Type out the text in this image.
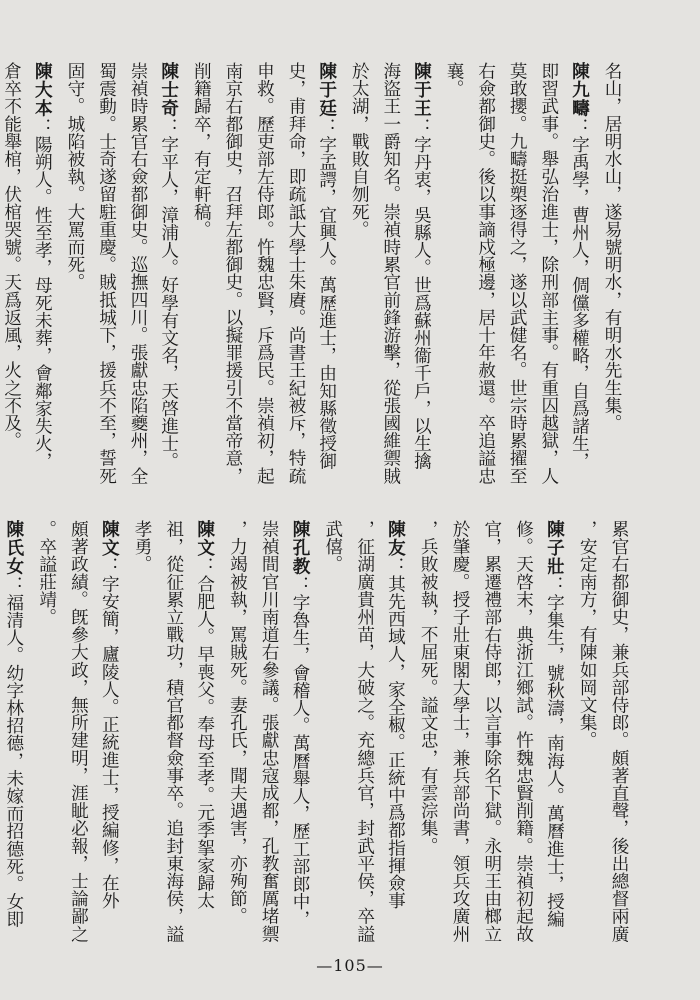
名山，居明水山，遂易號明水，有明水先生集。
陳九疇：字禹學，曹州人，倜儻多權略，自爲諸生，
即習武事。舉弘治進士，除刑部主事。有重囚越獄，人
莫敢攖。九疇挺槊逐得之，遂以武健名。世宗時累擢至
右僉都御史。後以事謫戍極邊，居十年赦還。卒追謚忠
襄。
陳于王：字丹衷，吳縣人。世爲蘇州衞千戶，以生擒
海盜王一爵知名。崇禎時累官前鋒游擊，從張國維禦賊
於太湖，戰敗自刎死。
陳于廷：字孟諤，宜興人。萬歷進士，由知縣徵授御
史，甫拜命，即疏詆大學士朱賡。尚書王紀被斥，特疏
申救。歷吏部左侍郎。忤魏忠賢，斥爲民。崇禎初，起
南京右都御史，召拜左都御史。以擬罪援引不當帝意，
削籍歸卒，有定軒稿。
陳士奇：字平人，漳浦人。好學有文名，天啓進士。
崇禎時累官右僉都御史。巡撫四川。張獻忠陷夔州，全
蜀震動。士奇遂留駐重慶。賊抵城下，援兵不至，誓死
固守。城陷被執。大罵而死。
陳大本：陽朔人。性至孝，母死未葬，會鄰家失火，
倉卒不能舉棺，伏棺哭號。天爲返風，火之不及。
累官右都御史，兼兵部侍郎。頗著直聲，後出總督兩廣
，安定南方，有陳如岡文集。
陳子壯：字集生，號秋濤，南海人。萬曆進士，授編
修。天啓末，典浙江鄉試。忤魏忠賢削籍。崇禎初起故
官，累遷禮部右侍郎，以言事除名下獄。永明王由榔立
於肇慶。授子壯東閣大學士，兼兵部尚書，領兵攻廣州
，兵敗被執，不屈死。謚文忠，有雲淙集。
陳友：其先西域人，家全椒。正統中爲都指揮僉事
，征湖廣貴州苗，大破之。充總兵官，封武平侯，卒謚
武僖。
陳孔教：字魯生，會稽人。萬曆舉人，歷工部郎中，
崇禎間官川南道右參議。張獻忠寇成都，孔教奮厲堵禦
，力竭被執，罵賊死。妻孔氏，聞夫遇害，亦殉節。
陳文：合肥人。早喪父。奉母至孝。元季挐家歸太
祖，從征累立戰功，積官都督僉事卒。追封東海侯，謚
孝勇。
陳文：字安簡，廬陵人。正統進士，授編修，在外
頗著政績。旣參大政，無所建明，涯眦必報，士論鄙之
。卒謚莊靖。
陳氏女：福清人。幼字林招德，未嫁而招德死。女即
—105—
